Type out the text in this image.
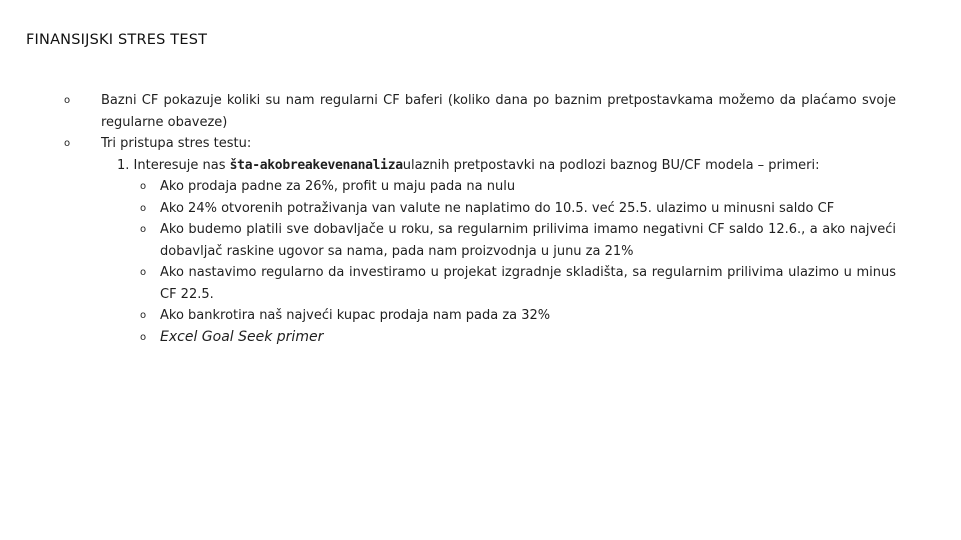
FINANSIJSKI STRES TEST
o Bazni CF pokazuje koliki su nam regularni CF baferi (koliko dana po baznim pretpostavkama možemo da plaćamo svoje regularne obaveze)
o Tri pristupa stres testu:
1. Interesuje nas šta-akobreakevenanalizaulaznih pretpostavki na podlozi baznog BU/CF modela – primeri:
o Ako prodaja padne za 26%, profit u maju pada na nulu
o Ako 24% otvorenih potraživanja van valute ne naplatimo do 10.5. već 25.5. ulazimo u minusni saldo CF
o Ako budemo platili sve dobavljače u roku, sa regularnim prilivima imamo negativni CF saldo 12.6., a ako najveći dobavljač raskine ugovor sa nama, pada nam proizvodnja u junu za 21%
o Ako nastavimo regularno da investiramo u projekat izgradnje skladišta, sa regularnim prilivima ulazimo u minus CF 22.5.
o Ako bankrotira naš najveći kupac prodaja nam pada za 32%
o Excel Goal Seek primer
